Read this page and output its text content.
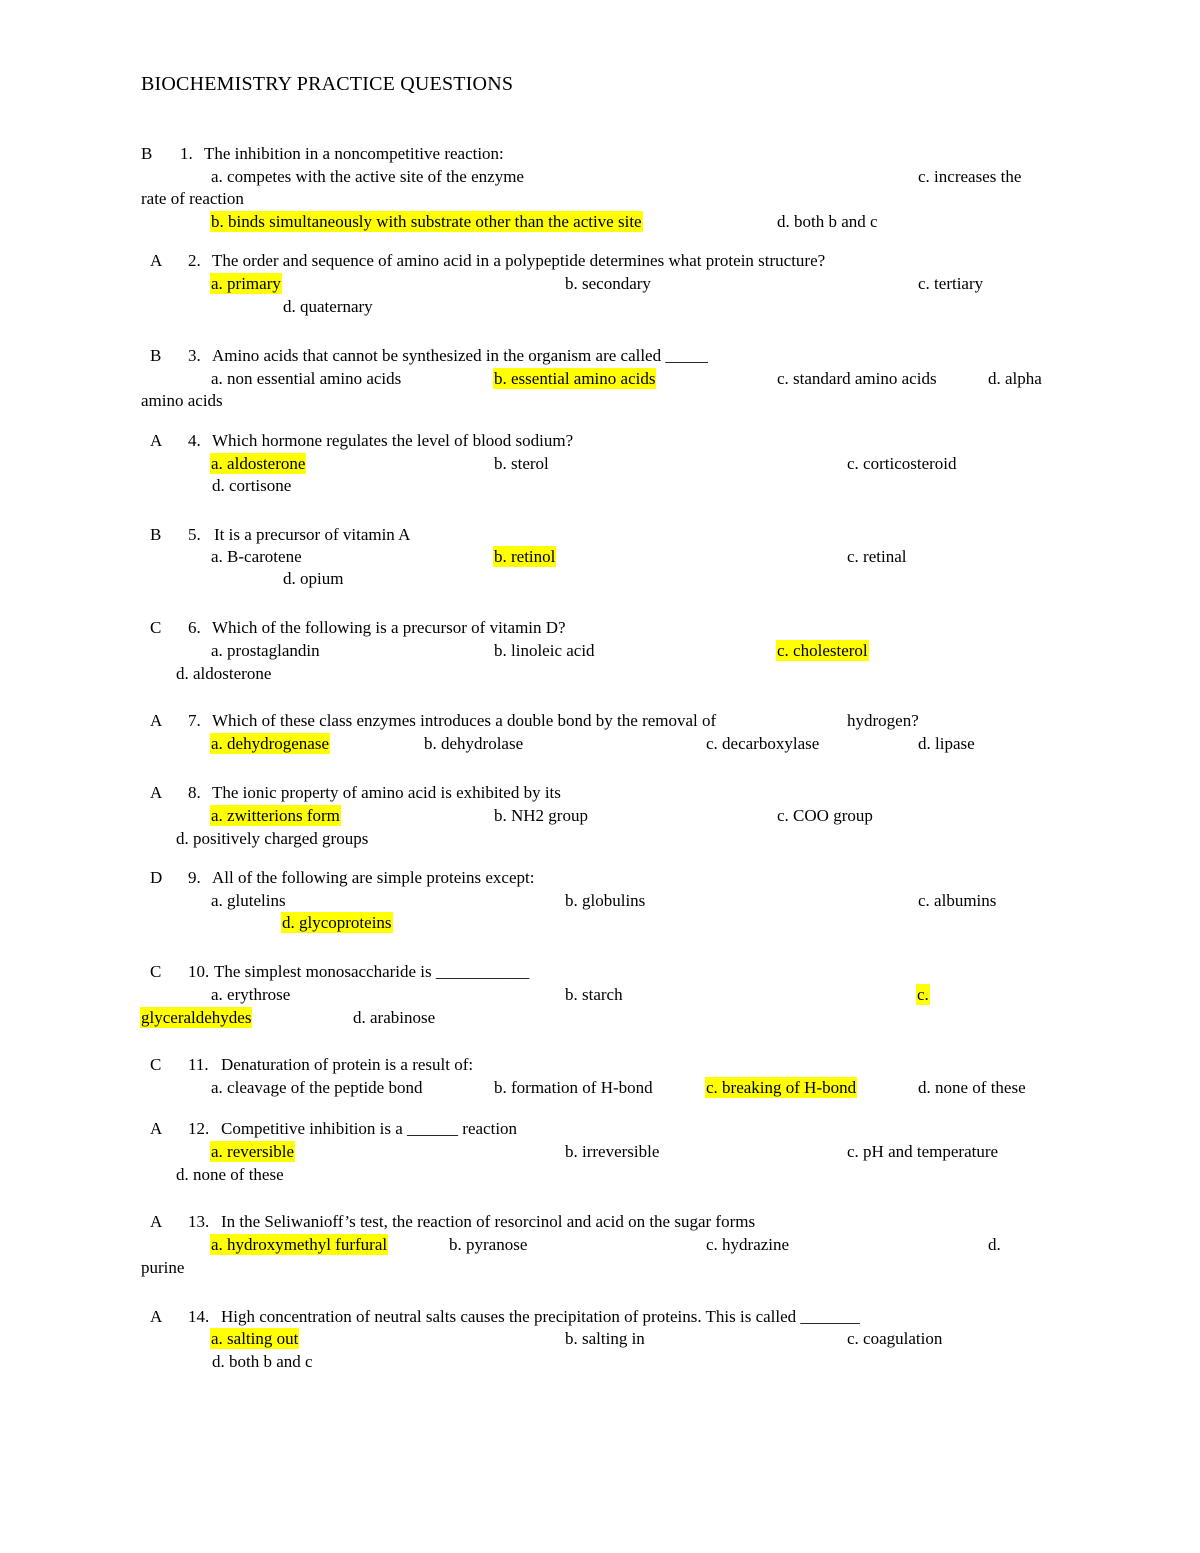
BIOCHEMISTRY PRACTICE QUESTIONS
B 1. The inhibition in a noncompetitive reaction:
a. competes with the active site of the enzyme	c. increases the
rate of reaction
b. binds simultaneously with substrate other than the active site	d. both b and c
A 2. The order and sequence of amino acid in a polypeptide determines what protein structure?
a. primary	b. secondary	c. tertiary
d. quaternary
B 3. Amino acids that cannot be synthesized in the organism are called _____
a. non essential amino acids	b. essential amino acids	c. standard amino acids	d. alpha
amino acids
A 4. Which hormone regulates the level of blood sodium?
a. aldosterone	b. sterol	c. corticosteroid
d. cortisone
B 5. It is a precursor of vitamin A
a. B-carotene	b. retinol	c. retinal
d. opium
C 6. Which of the following is a precursor of vitamin D?
a. prostaglandin	b. linoleic acid	c. cholesterol
d. aldosterone
A 7. Which of these class enzymes introduces a double bond by the removal of	hydrogen?
a. dehydrogenase	b. dehydrolase	c. decarboxylase	d. lipase
A 8. The ionic property of amino acid is exhibited by its
a. zwitterions form	b. NH2 group	c. COO group
d. positively charged groups
D 9. All of the following are simple proteins except:
a. glutelins	b. globulins	c. albumins
d. glycoproteins
C 10. The simplest monosaccharide is ___________
a. erythrose	b. starch	c.
glyceraldehydes	d. arabinose
C 11. Denaturation of protein is a result of:
a. cleavage of the peptide bond	b. formation of H-bond	c. breaking of H-bond	d. none of these
A 12. Competitive inhibition is a ______ reaction
a. reversible	b. irreversible	c. pH and temperature
d. none of these
A 13. In the Seliwanioff’s test, the reaction of resorcinol and acid on the sugar forms
a. hydroxymethyl furfural	b. pyranose	c. hydrazine	d.
purine
A 14. High concentration of neutral salts causes the precipitation of proteins. This is called _______
a. salting out	b. salting in	c. coagulation
d. both b and c
